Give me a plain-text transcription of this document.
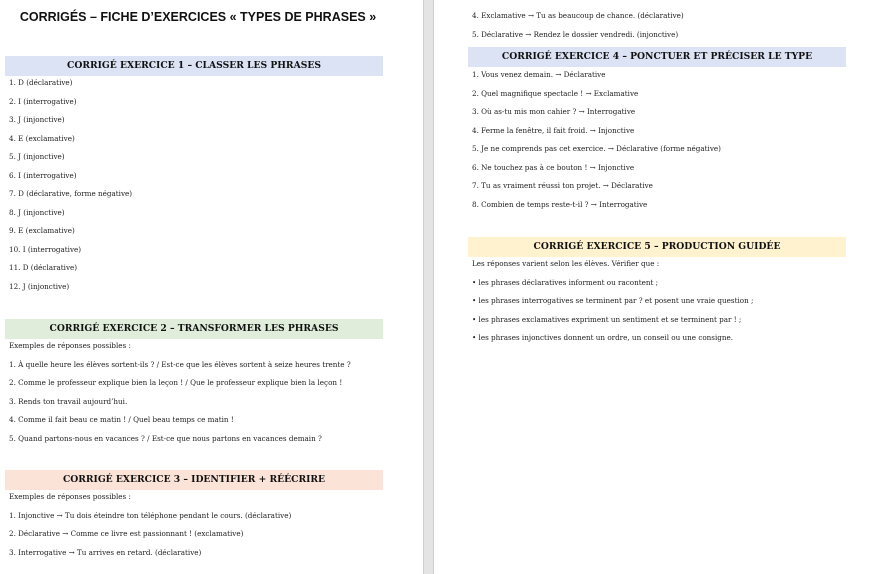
CORRIGÉS – FICHE D’EXERCICES « TYPES DE PHRASES »
CORRIGÉ EXERCICE 1 – CLASSER LES PHRASES
CORRIGÉ EXERCICE 2 – TRANSFORMER LES PHRASES
CORRIGÉ EXERCICE 3 – IDENTIFIER + RÉÉCRIRE
1. D (déclarative)
2. I (interrogative)
3. J (injonctive)
4. E (exclamative)
5. J (injonctive)
6. I (interrogative)
7. D (déclarative, forme négative)
8. J (injonctive)
9. E (exclamative)
10. I (interrogative)
11. D (déclarative)
12. J (injonctive)
Exemples de réponses possibles :
1. À quelle heure les élèves sortent-ils ? / Est-ce que les élèves sortent à seize heures trente ?
2. Comme le professeur explique bien la leçon ! / Que le professeur explique bien la leçon !
3. Rends ton travail aujourd’hui.
4. Comme il fait beau ce matin ! / Quel beau temps ce matin !
5. Quand partons-nous en vacances ? / Est-ce que nous partons en vacances demain ?
Exemples de réponses possibles :
1. Injonctive → Tu dois éteindre ton téléphone pendant le cours. (déclarative)
2. Déclarative → Comme ce livre est passionnant ! (exclamative)
3. Interrogative → Tu arrives en retard. (déclarative)
CORRIGÉ EXERCICE 4 – PONCTUER ET PRÉCISER LE TYPE
CORRIGÉ EXERCICE 5 – PRODUCTION GUIDÉE
4. Exclamative → Tu as beaucoup de chance. (déclarative)
5. Déclarative → Rendez le dossier vendredi. (injonctive)
1. Vous venez demain. → Déclarative
2. Quel magnifique spectacle ! → Exclamative
3. Où as-tu mis mon cahier ? → Interrogative
4. Ferme la fenêtre, il fait froid. → Injonctive
5. Je ne comprends pas cet exercice. → Déclarative (forme négative)
6. Ne touchez pas à ce bouton ! → Injonctive
7. Tu as vraiment réussi ton projet. → Déclarative
8. Combien de temps reste-t-il ? → Interrogative
Les réponses varient selon les élèves. Vérifier que :
• les phrases déclaratives informent ou racontent ;
• les phrases interrogatives se terminent par ? et posent une vraie question ;
• les phrases exclamatives expriment un sentiment et se terminent par ! ;
• les phrases injonctives donnent un ordre, un conseil ou une consigne.
